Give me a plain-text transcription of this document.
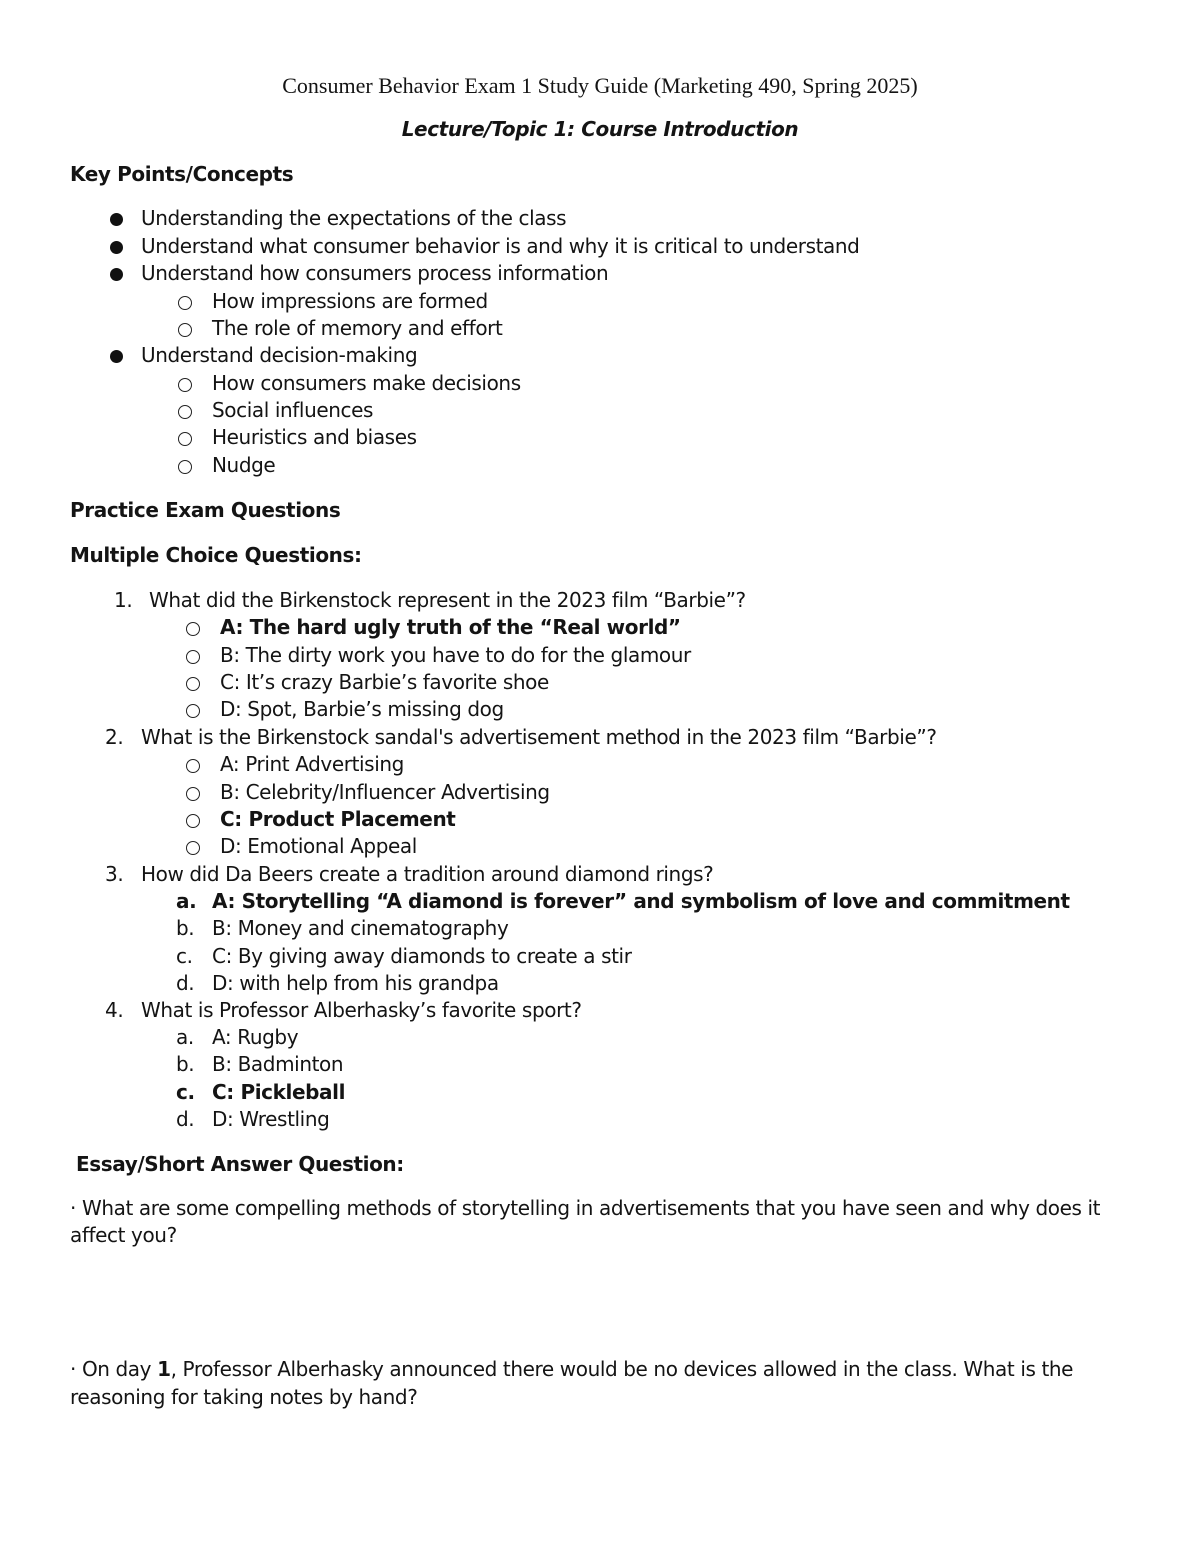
Consumer Behavior Exam 1 Study Guide (Marketing 490, Spring 2025)
Lecture/Topic 1: Course Introduction
Key Points/Concepts
Understanding the expectations of the class
Understand what consumer behavior is and why it is critical to understand
Understand how consumers process information
How impressions are formed
The role of memory and effort
Understand decision-making
How consumers make decisions
Social influences
Heuristics and biases
Nudge
Practice Exam Questions
Multiple Choice Questions:
1. What did the Birkenstock represent in the 2023 film “Barbie”?
A: The hard ugly truth of the “Real world”
B: The dirty work you have to do for the glamour
C: It’s crazy Barbie’s favorite shoe
D: Spot, Barbie’s missing dog
2. What is the Birkenstock sandal's advertisement method in the 2023 film “Barbie”?
A: Print Advertising
B: Celebrity/Influencer Advertising
C: Product Placement
D: Emotional Appeal
3. How did Da Beers create a tradition around diamond rings?
a. A: Storytelling “A diamond is forever” and symbolism of love and commitment
b. B: Money and cinematography
c. C: By giving away diamonds to create a stir
d. D: with help from his grandpa
4. What is Professor Alberhasky’s favorite sport?
a. A: Rugby
b. B: Badminton
c. C: Pickleball
d. D: Wrestling
Essay/Short Answer Question:
· What are some compelling methods of storytelling in advertisements that you have seen and why does it
affect you?
· On day 1, Professor Alberhasky announced there would be no devices allowed in the class. What is the
reasoning for taking notes by hand?
